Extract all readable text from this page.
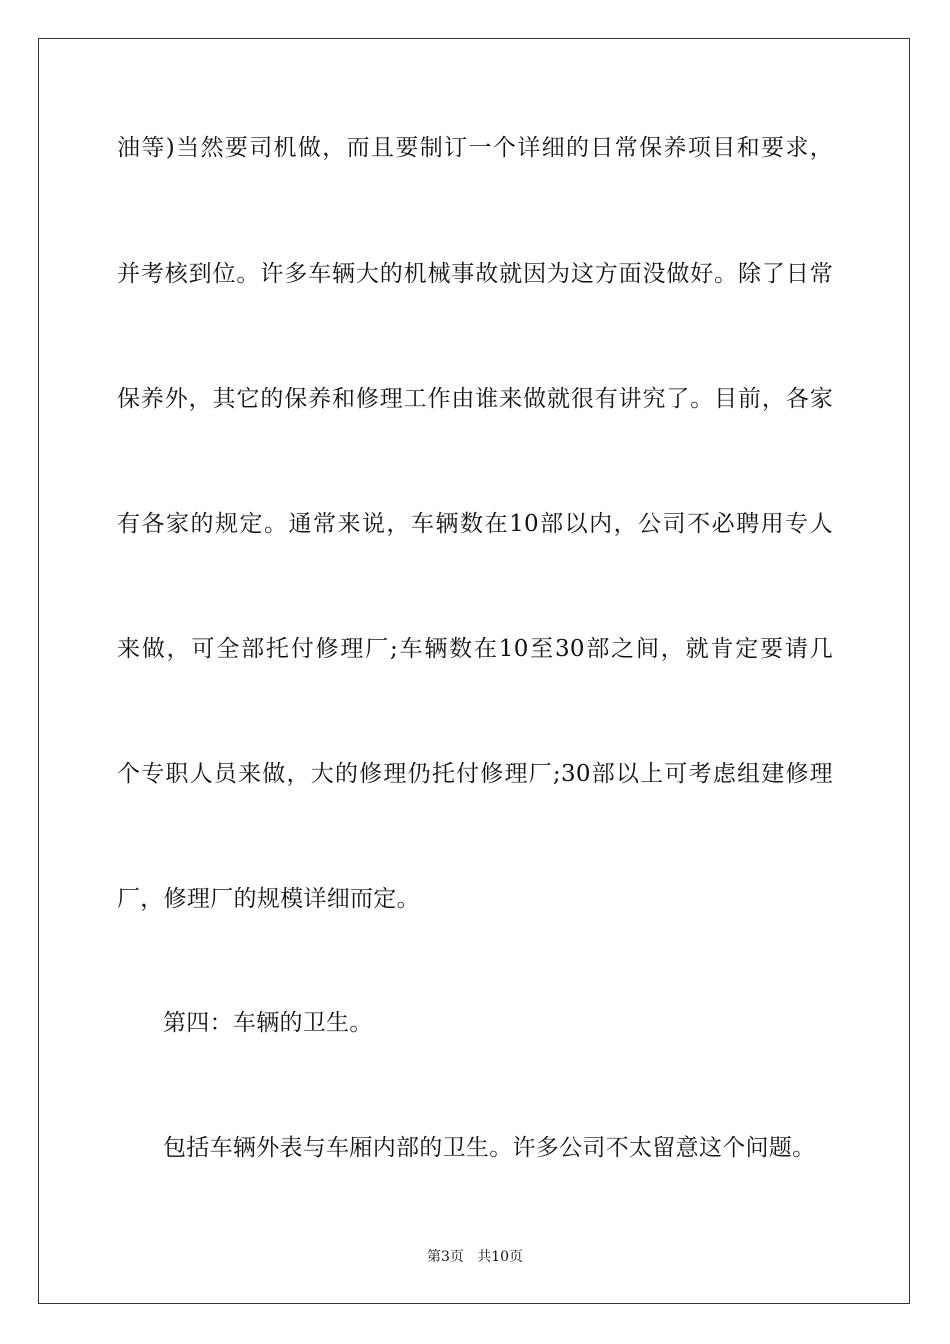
油等)当然要司机做，而且要制订一个详细的日常保养项目和要求，
并考核到位。许多车辆大的机械事故就因为这方面没做好。除了日常
保养外，其它的保养和修理工作由谁来做就很有讲究了。目前，各家
有各家的规定。通常来说，车辆数在10部以内，公司不必聘用专人
来做，可全部托付修理厂;车辆数在10至30部之间，就肯定要请几
个专职人员来做，大的修理仍托付修理厂;30部以上可考虑组建修理
厂，修理厂的规模详细而定。
第四：车辆的卫生。
包括车辆外表与车厢内部的卫生。许多公司不太留意这个问题。
第3页   共10页
